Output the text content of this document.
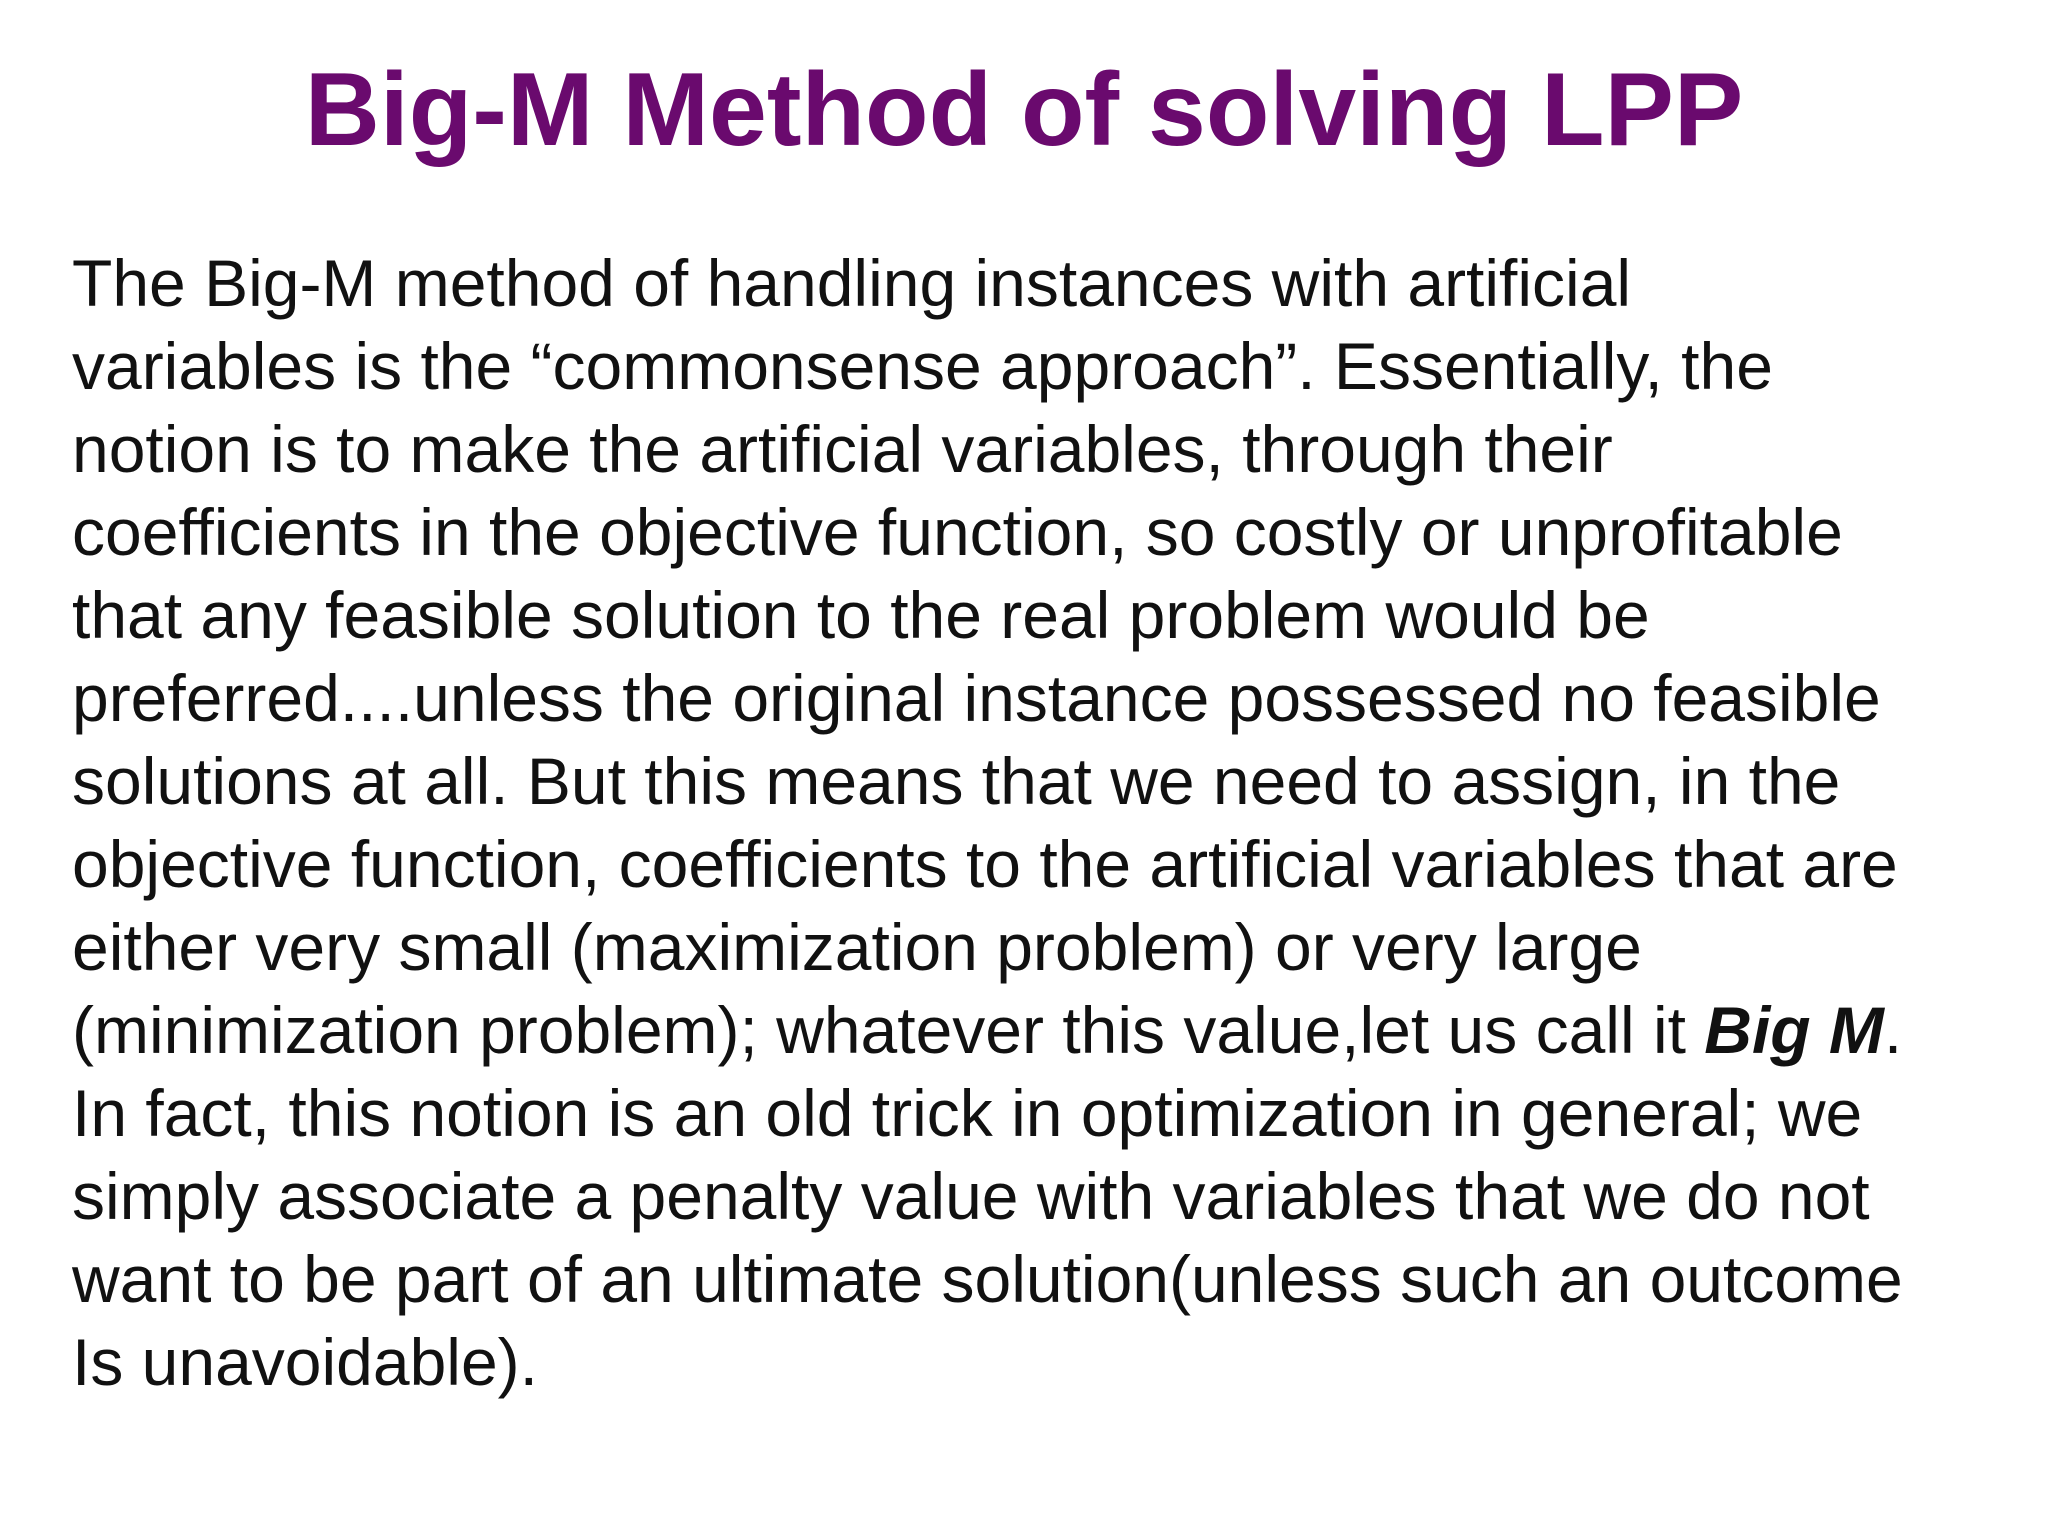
Big-M Method of solving LPP
The Big-M method of handling instances with artificial
variables is the “commonsense approach”. Essentially, the
notion is to make the artificial variables, through their
coefficients in the objective function, so costly or unprofitable
that any feasible solution to the real problem would be
preferred....unless the original instance possessed no feasible
solutions at all. But this means that we need to assign, in the
objective function, coefficients to the artificial variables that are
either very small (maximization problem) or very large
(minimization problem); whatever this value,let us call it Big M.
In fact, this notion is an old trick in optimization in general; we
simply associate a penalty value with variables that we do not
want to be part of an ultimate solution(unless such an outcome
Is unavoidable).
